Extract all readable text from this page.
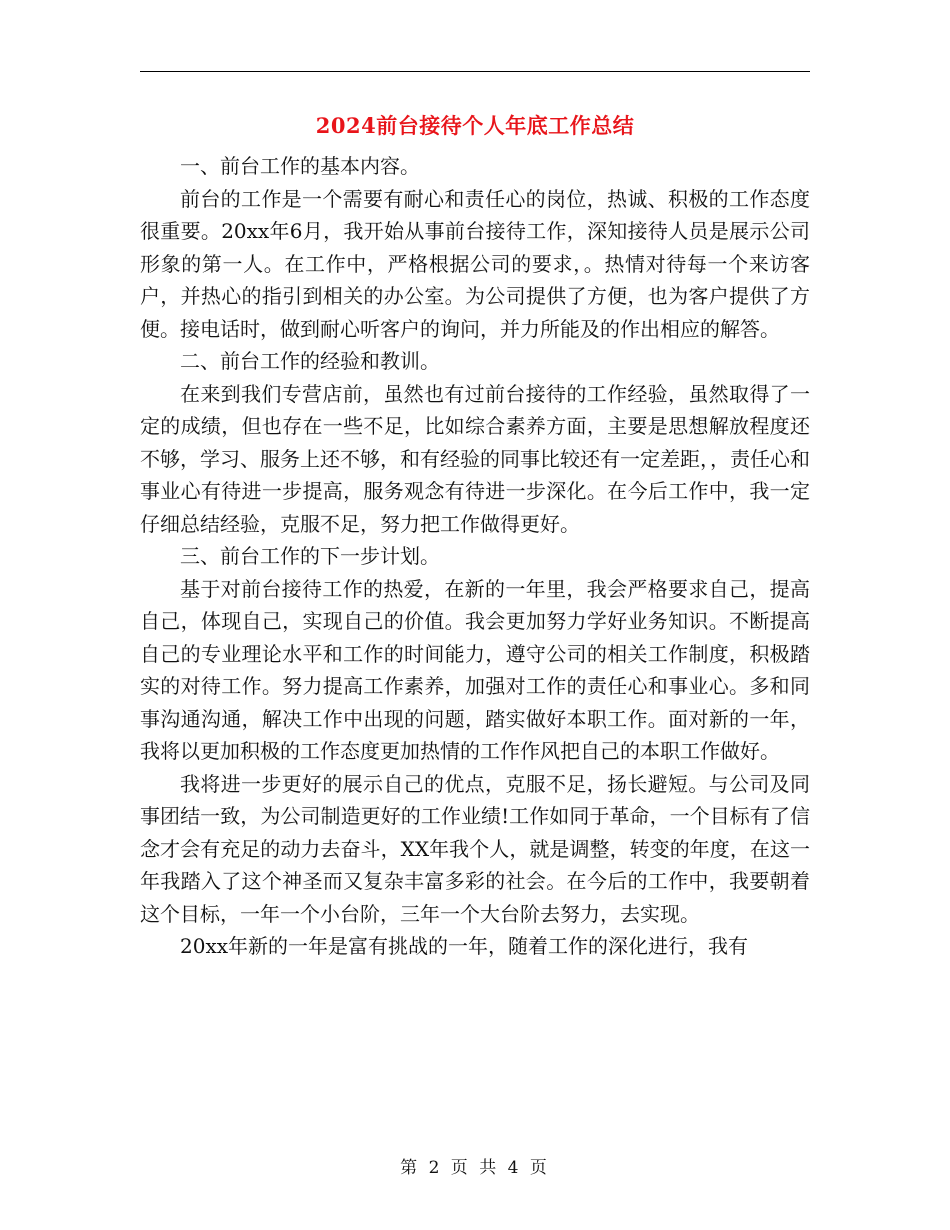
2024前台接待个人年底工作总结

一、前台工作的基本内容。

前台的工作是一个需要有耐心和责任心的岗位，热诚、积极的工作态度很重要。20xx年6月，我开始从事前台接待工作，深知接待人员是展示公司形象的第一人。在工作中，严格根据公司的要求，。热情对待每一个来访客户，并热心的指引到相关的办公室。为公司提供了方便，也为客户提供了方便。接电话时，做到耐心听客户的询问，并力所能及的作出相应的解答。

二、前台工作的经验和教训。

在来到我们专营店前，虽然也有过前台接待的工作经验，虽然取得了一定的成绩，但也存在一些不足，比如综合素养方面，主要是思想解放程度还不够，学习、服务上还不够，和有经验的同事比较还有一定差距，，责任心和事业心有待进一步提高，服务观念有待进一步深化。在今后工作中，我一定仔细总结经验，克服不足，努力把工作做得更好。

三、前台工作的下一步计划。

基于对前台接待工作的热爱，在新的一年里，我会严格要求自己，提高自己，体现自己，实现自己的价值。我会更加努力学好业务知识。不断提高自己的专业理论水平和工作的时间能力，遵守公司的相关工作制度，积极踏实的对待工作。努力提高工作素养，加强对工作的责任心和事业心。多和同事沟通沟通，解决工作中出现的问题，踏实做好本职工作。面对新的一年，我将以更加积极的工作态度更加热情的工作作风把自己的本职工作做好。

我将进一步更好的展示自己的优点，克服不足，扬长避短。与公司及同事团结一致，为公司制造更好的工作业绩!工作如同于革命，一个目标有了信念才会有充足的动力去奋斗，XX年我个人，就是调整，转变的年度，在这一年我踏入了这个神圣而又复杂丰富多彩的社会。在今后的工作中，我要朝着这个目标，一年一个小台阶，三年一个大台阶去努力，去实现。

20xx年新的一年是富有挑战的一年，随着工作的深化进行，我有

第 2 页 共 4 页
